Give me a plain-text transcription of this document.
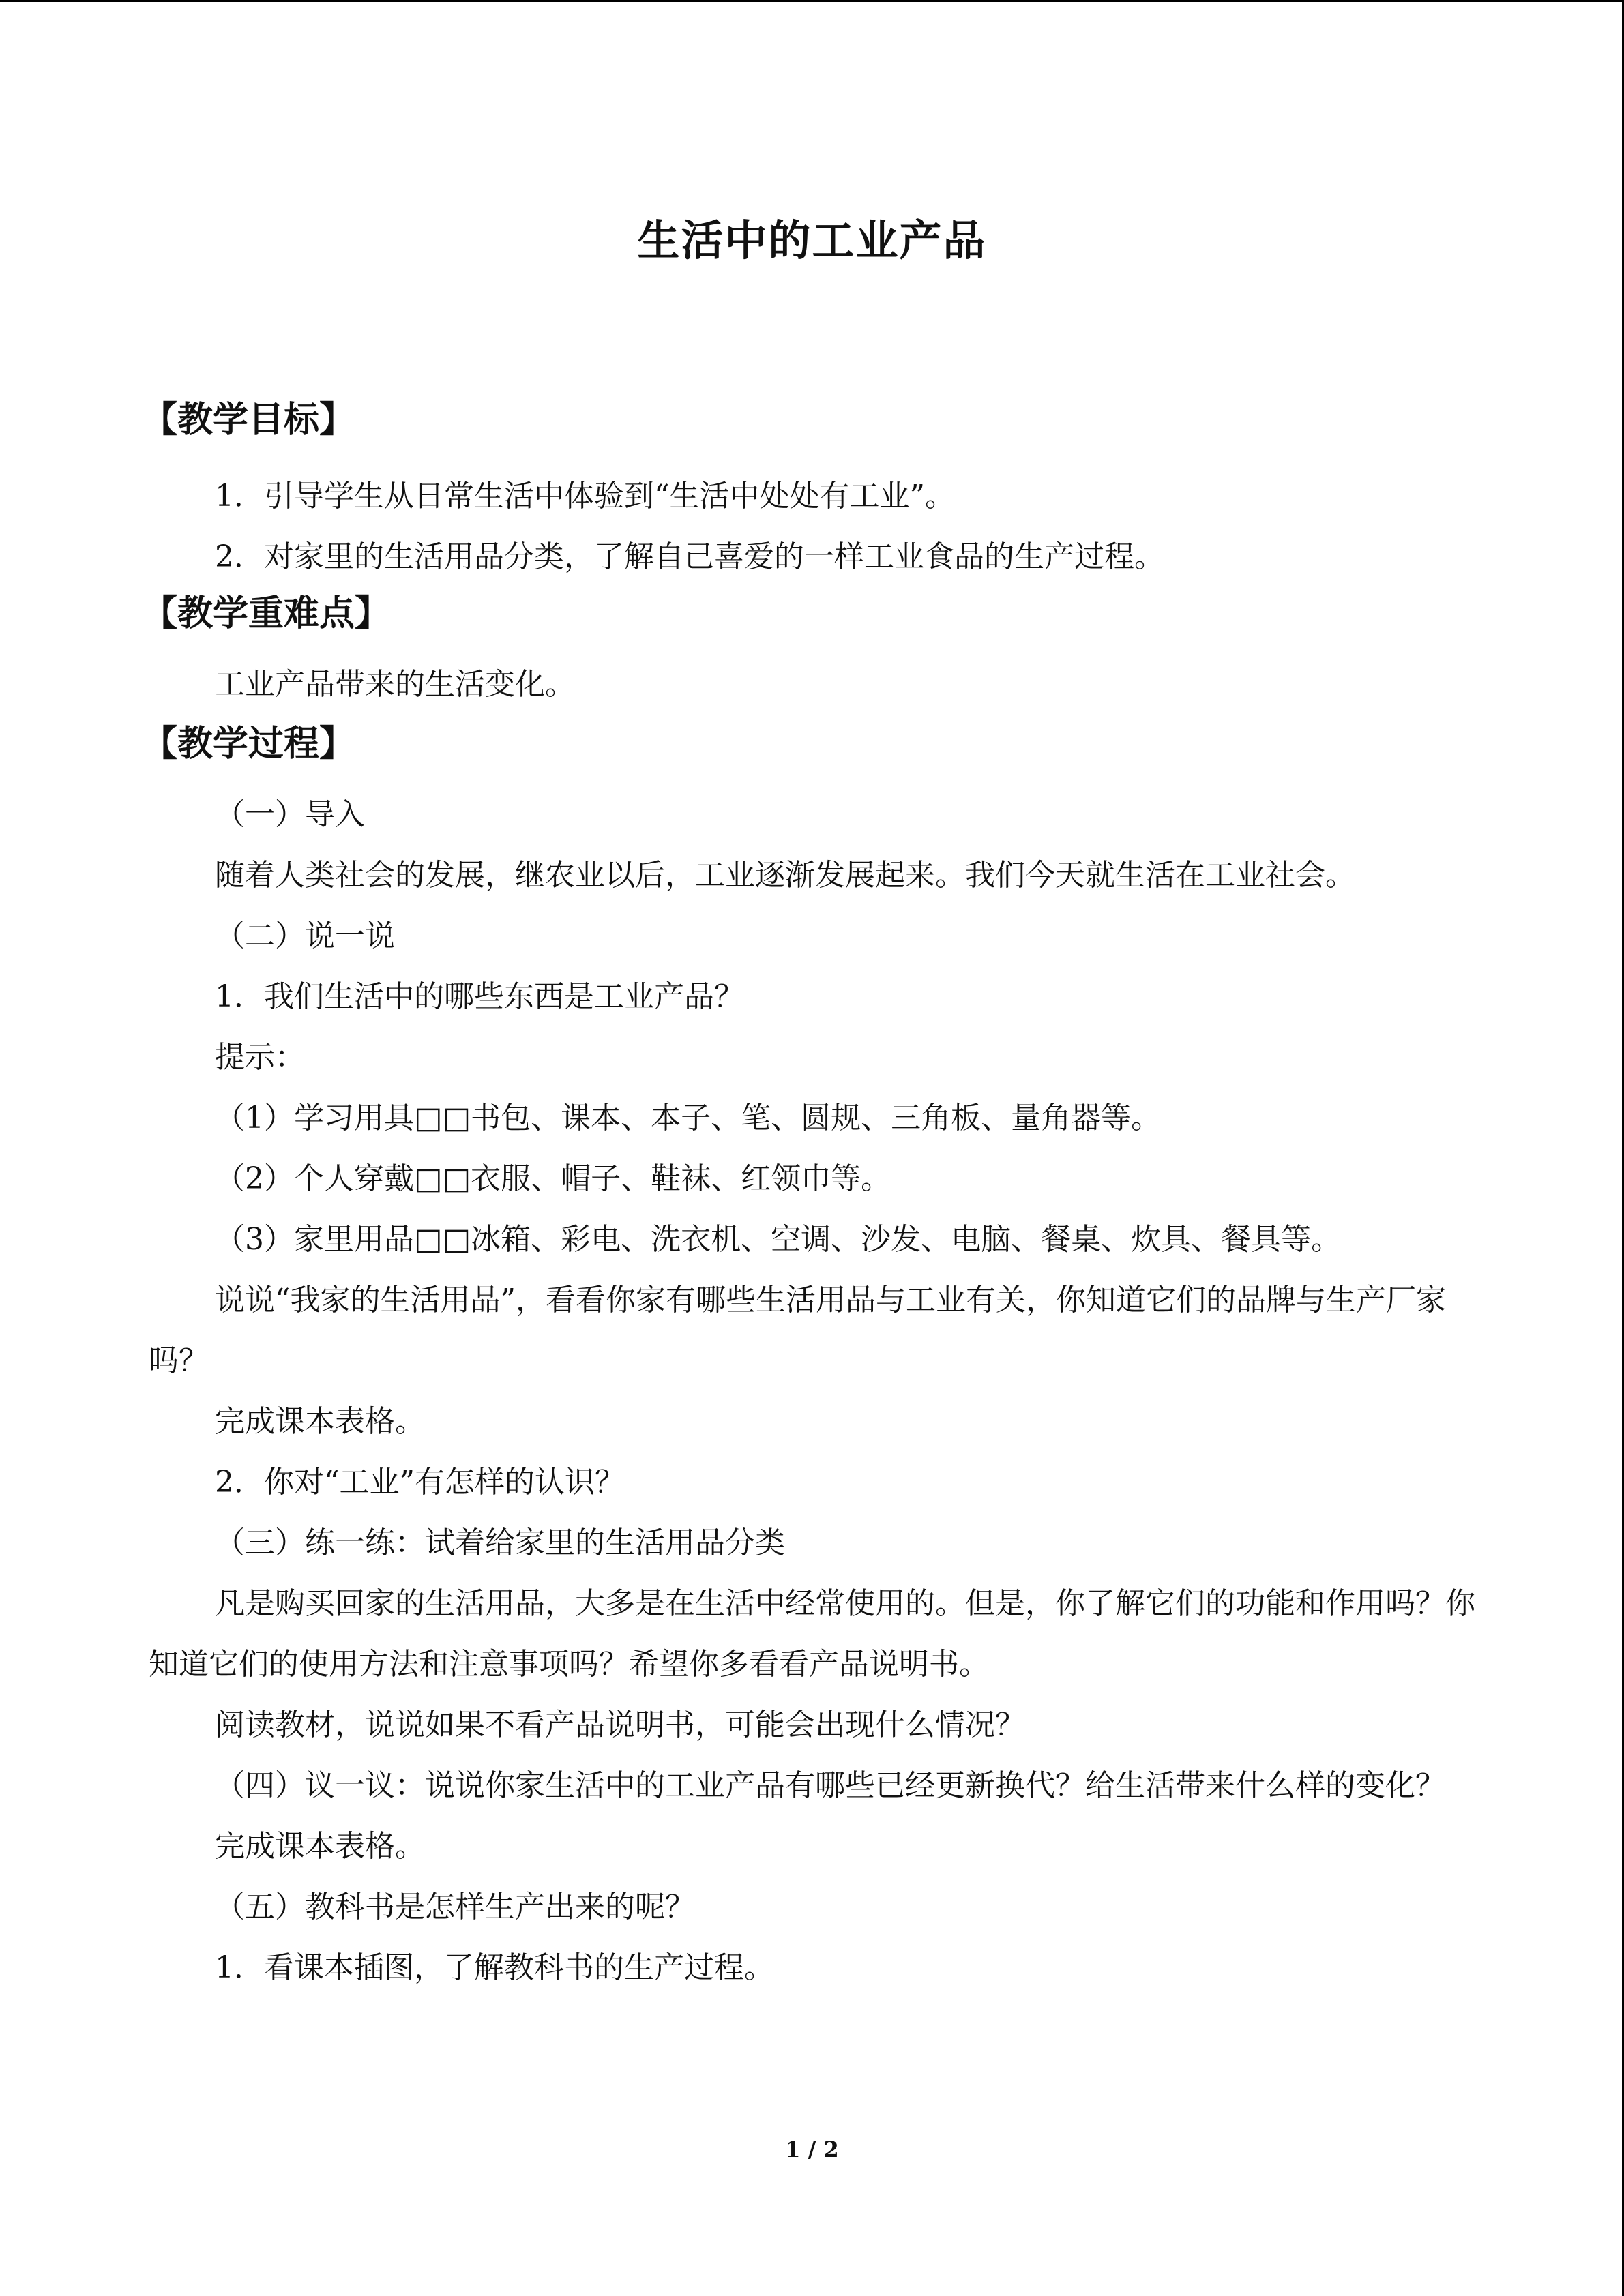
生活中的工业产品
【教学目标】

1．引导学生从日常生活中体验到“生活中处处有工业”。

2．对家里的生活用品分类，了解自己喜爱的一样工业食品的生产过程。

【教学重难点】

工业产品带来的生活变化。

【教学过程】

（一）导入

随着人类社会的发展，继农业以后，工业逐渐发展起来。我们今天就生活在工业社会。

（二）说一说

1．我们生活中的哪些东西是工业产品？

提示：

（1）学习用具□□书包、课本、本子、笔、圆规、三角板、量角器等。

（2）个人穿戴□□衣服、帽子、鞋袜、红领巾等。

（3）家里用品□□冰箱、彩电、洗衣机、空调、沙发、电脑、餐桌、炊具、餐具等。

说说“我家的生活用品”，看看你家有哪些生活用品与工业有关，你知道它们的品牌与生产厂家吗？

完成课本表格。

2．你对“工业”有怎样的认识？

（三）练一练：试着给家里的生活用品分类

凡是购买回家的生活用品，大多是在生活中经常使用的。但是，你了解它们的功能和作用吗？你知道它们的使用方法和注意事项吗？希望你多看看产品说明书。

阅读教材，说说如果不看产品说明书，可能会出现什么情况？

（四）议一议：说说你家生活中的工业产品有哪些已经更新换代？给生活带来什么样的变化？

完成课本表格。

（五）教科书是怎样生产出来的呢？

1．看课本插图，了解教科书的生产过程。

1 / 2
